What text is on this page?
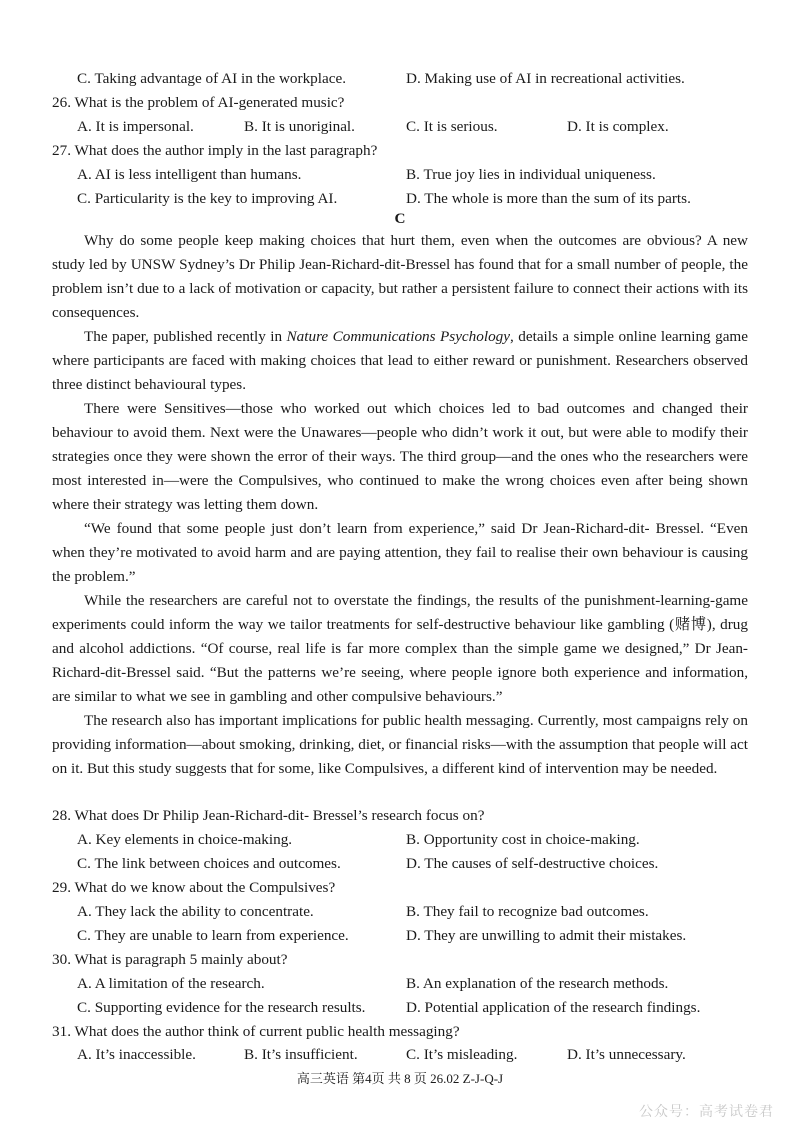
C. Taking advantage of AI in the workplace.	D. Making use of AI in recreational activities.
26. What is the problem of AI-generated music?
A. It is impersonal.	B. It is unoriginal.	C. It is serious.	D. It is complex.
27. What does the author imply in the last paragraph?
A. AI is less intelligent than humans.	B. True joy lies in individual uniqueness.
C. Particularity is the key to improving AI.	D. The whole is more than the sum of its parts.
C

Why do some people keep making choices that hurt them, even when the outcomes are obvious? A new study led by UNSW Sydney’s Dr Philip Jean-Richard-dit-Bressel has found that for a small number of people, the problem isn’t due to a lack of motivation or capacity, but rather a persistent failure to connect their actions with its consequences.

The paper, published recently in Nature Communications Psychology, details a simple online learning game where participants are faced with making choices that lead to either reward or punishment. Researchers observed three distinct behavioural types.

There were Sensitives—those who worked out which choices led to bad outcomes and changed their behaviour to avoid them. Next were the Unawares—people who didn’t work it out, but were able to modify their strategies once they were shown the error of their ways. The third group—and the ones who the researchers were most interested in—were the Compulsives, who continued to make the wrong choices even after being shown where their strategy was letting them down.

“We found that some people just don’t learn from experience,” said Dr Jean-Richard-dit- Bressel. “Even when they’re motivated to avoid harm and are paying attention, they fail to realise their own behaviour is causing the problem.”

While the researchers are careful not to overstate the findings, the results of the punishment-learning-game experiments could inform the way we tailor treatments for self-destructive behaviour like gambling (赌博), drug and alcohol addictions. “Of course, real life is far more complex than the simple game we designed,” Dr Jean-Richard-dit-Bressel said. “But the patterns we’re seeing, where people ignore both experience and information, are similar to what we see in gambling and other compulsive behaviours.”

The research also has important implications for public health messaging. Currently, most campaigns rely on providing information—about smoking, drinking, diet, or financial risks—with the assumption that people will act on it. But this study suggests that for some, like Compulsives, a different kind of intervention may be needed.

28. What does Dr Philip Jean-Richard-dit- Bressel’s research focus on?
A. Key elements in choice-making.	B. Opportunity cost in choice-making.
C. The link between choices and outcomes.	D. The causes of self-destructive choices.
29. What do we know about the Compulsives?
A. They lack the ability to concentrate.	B. They fail to recognize bad outcomes.
C. They are unable to learn from experience.	D. They are unwilling to admit their mistakes.
30. What is paragraph 5 mainly about?
A. A limitation of the research.	B. An explanation of the research methods.
C. Supporting evidence for the research results.	D. Potential application of the research findings.
31. What does the author think of current public health messaging?
A. It’s inaccessible.	B. It’s insufficient.	C. It’s misleading.	D. It’s unnecessary.
高三英语 第4页 共 8 页 26.02 Z-J-Q-J
公众号：高考试卷君
